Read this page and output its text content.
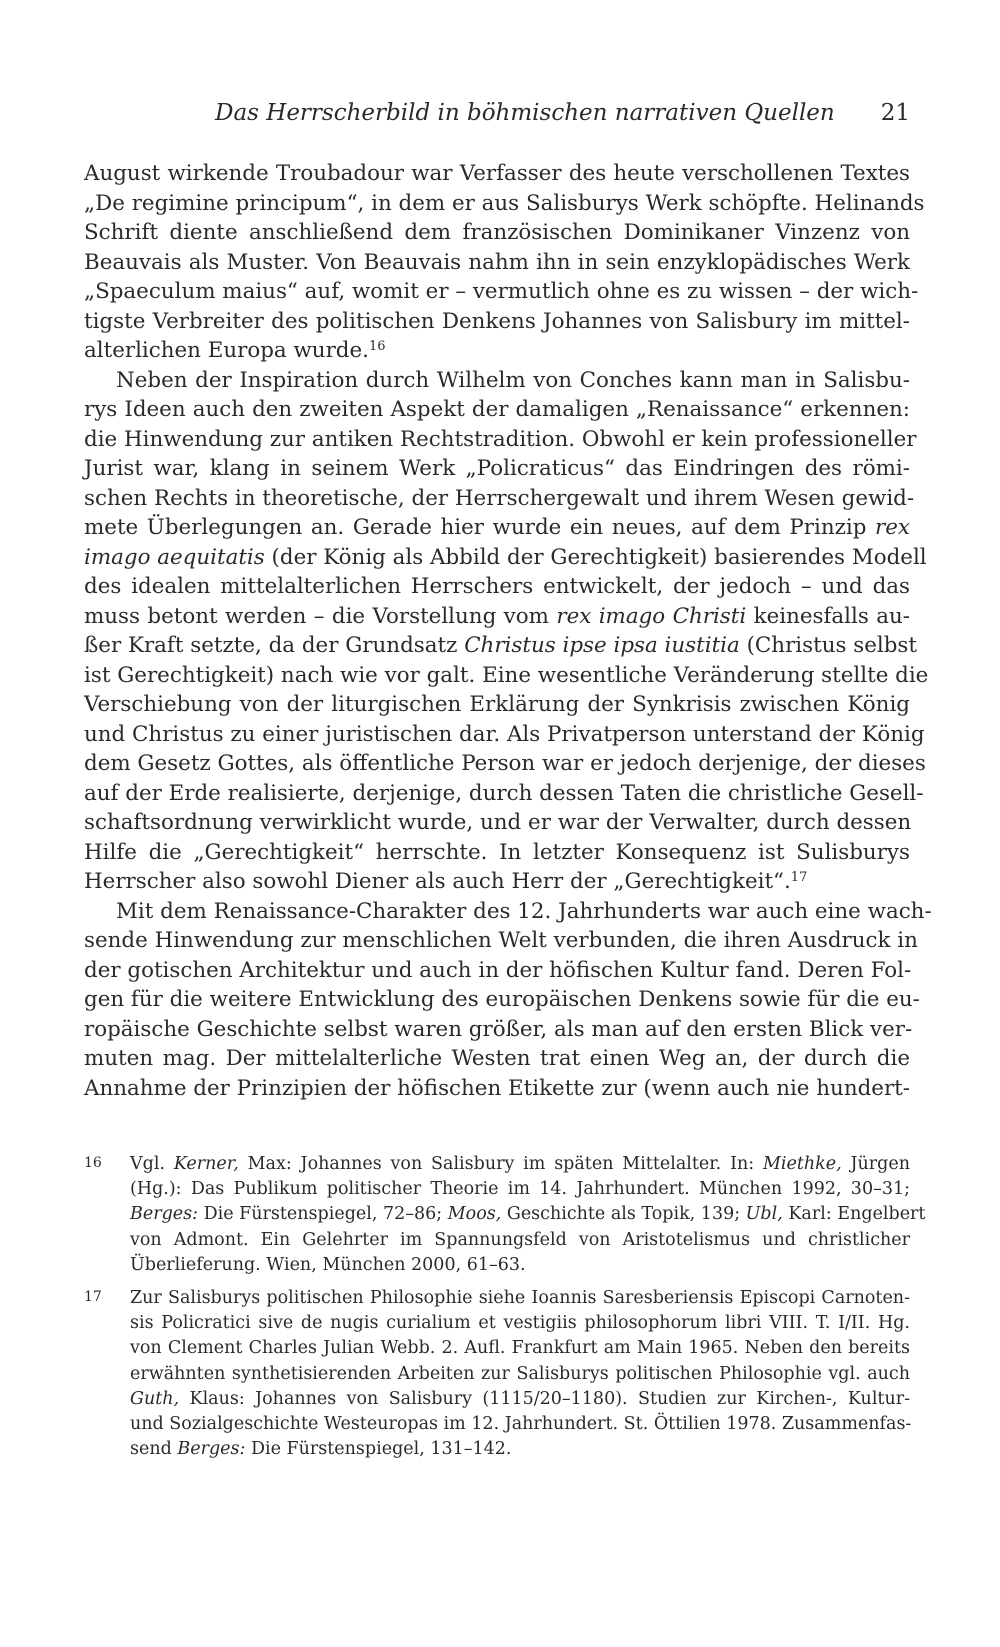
Das Herrscherbild in böhmischen narrativen Quellen 21
August wirkende Troubadour war Verfasser des heute verschollenen Textes
„De regimine principum“, in dem er aus Salisburys Werk schöpfte. Helinands
Schrift diente anschließend dem französischen Dominikaner Vinzenz von
Beauvais als Muster. Von Beauvais nahm ihn in sein enzyklopädisches Werk
„Spaeculum maius“ auf, womit er – vermutlich ohne es zu wissen – der wich-
tigste Verbreiter des politischen Denkens Johannes von Salisbury im mittel-
alterlichen Europa wurde.$^{16}$
Neben der Inspiration durch Wilhelm von Conches kann man in Salisbu-
rys Ideen auch den zweiten Aspekt der damaligen „Renaissance“ erkennen:
die Hinwendung zur antiken Rechtstradition. Obwohl er kein professioneller
Jurist war, klang in seinem Werk „Policraticus“ das Eindringen des römi-
schen Rechts in theoretische, der Herrschergewalt und ihrem Wesen gewid-
mete Überlegungen an. Gerade hier wurde ein neues, auf dem Prinzip rex
imago aequitatis (der König als Abbild der Gerechtigkeit) basierendes Modell
des idealen mittelalterlichen Herrschers entwickelt, der jedoch – und das
muss betont werden – die Vorstellung vom rex imago Christi keinesfalls au-
ßer Kraft setzte, da der Grundsatz Christus ipse ipsa iustitia (Christus selbst
ist Gerechtigkeit) nach wie vor galt. Eine wesentliche Veränderung stellte die
Verschiebung von der liturgischen Erklärung der Synkrisis zwischen König
und Christus zu einer juristischen dar. Als Privatperson unterstand der König
dem Gesetz Gottes, als öffentliche Person war er jedoch derjenige, der dieses
auf der Erde realisierte, derjenige, durch dessen Taten die christliche Gesell-
schaftsordnung verwirklicht wurde, und er war der Verwalter, durch dessen
Hilfe die „Gerechtigkeit“ herrschte. In letzter Konsequenz ist Sulisburys
Herrscher also sowohl Diener als auch Herr der „Gerechtigkeit“.$^{17}$
Mit dem Renaissance-Charakter des 12. Jahrhunderts war auch eine wach-
sende Hinwendung zur menschlichen Welt verbunden, die ihren Ausdruck in
der gotischen Architektur und auch in der höfischen Kultur fand. Deren Fol-
gen für die weitere Entwicklung des europäischen Denkens sowie für die eu-
ropäische Geschichte selbst waren größer, als man auf den ersten Blick ver-
muten mag. Der mittelalterliche Westen trat einen Weg an, der durch die
Annahme der Prinzipien der höfischen Etikette zur (wenn auch nie hundert-
16 Vgl. Kerner, Max: Johannes von Salisbury im späten Mittelalter. In: Miethke, Jürgen
(Hg.): Das Publikum politischer Theorie im 14. Jahrhundert. München 1992, 30–31;
Berges: Die Fürstenspiegel, 72–86; Moos, Geschichte als Topik, 139; Ubl, Karl: Engelbert
von Admont. Ein Gelehrter im Spannungsfeld von Aristotelismus und christlicher
Überlieferung. Wien, München 2000, 61–63.
17 Zur Salisburys politischen Philosophie siehe Ioannis Saresberiensis Episcopi Carnoten-
sis Policratici sive de nugis curialium et vestigiis philosophorum libri VIII. T. I/II. Hg.
von Clement Charles Julian Webb. 2. Aufl. Frankfurt am Main 1965. Neben den bereits
erwähnten synthetisierenden Arbeiten zur Salisburys politischen Philosophie vgl. auch
Guth, Klaus: Johannes von Salisbury (1115/20–1180). Studien zur Kirchen-, Kultur-
und Sozialgeschichte Westeuropas im 12. Jahrhundert. St. Öttilien 1978. Zusammenfas-
send Berges: Die Fürstenspiegel, 131–142.
